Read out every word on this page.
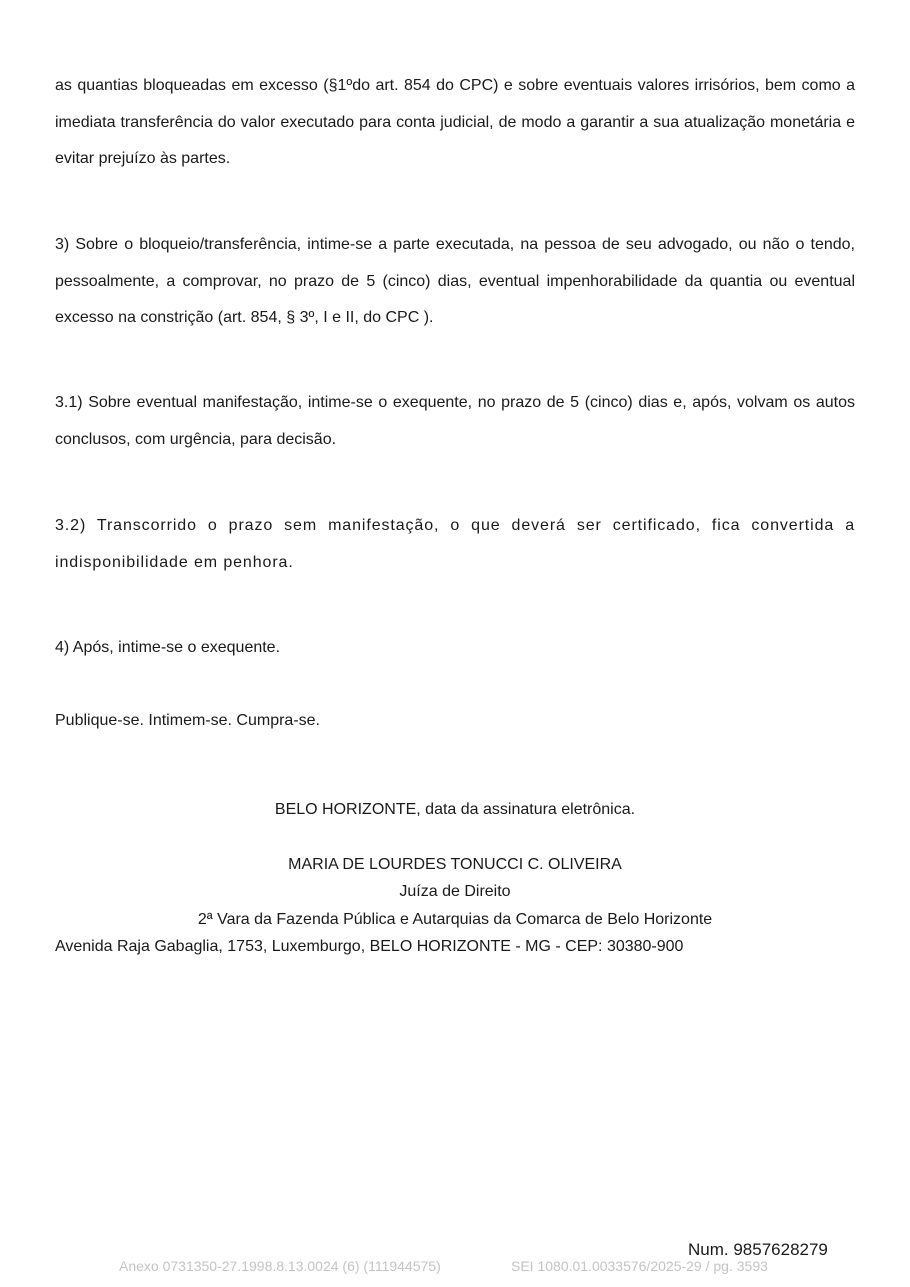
as quantias bloqueadas em excesso (§1ºdo art. 854 do CPC) e sobre eventuais valores irrisórios, bem como a imediata transferência do valor executado para conta judicial, de modo a garantir a sua atualização monetária e evitar prejuízo às partes.

3) Sobre o bloqueio/transferência, intime-se a parte executada, na pessoa de seu advogado, ou não o tendo, pessoalmente, a comprovar, no prazo de 5 (cinco) dias, eventual impenhorabilidade da quantia ou eventual excesso na constrição (art. 854, § 3º, I e II, do CPC ).

3.1) Sobre eventual manifestação, intime-se o exequente, no prazo de 5 (cinco) dias e, após, volvam os autos conclusos, com urgência, para decisão.

3.2) Transcorrido o prazo sem manifestação, o que deverá ser certificado, fica convertida a indisponibilidade em penhora.

4) Após, intime-se o exequente.

Publique-se. Intimem-se. Cumpra-se.

BELO HORIZONTE, data da assinatura eletrônica.

MARIA DE LOURDES TONUCCI C. OLIVEIRA

Juíza de Direito

2ª Vara da Fazenda Pública e Autarquias da Comarca de Belo Horizonte

Avenida Raja Gabaglia, 1753, Luxemburgo, BELO HORIZONTE - MG - CEP: 30380-900

Num. 9857628279
Anexo 0731350-27.1998.8.13.0024 (6) (111944575)	SEI 1080.01.0033576/2025-29 / pg. 3593
